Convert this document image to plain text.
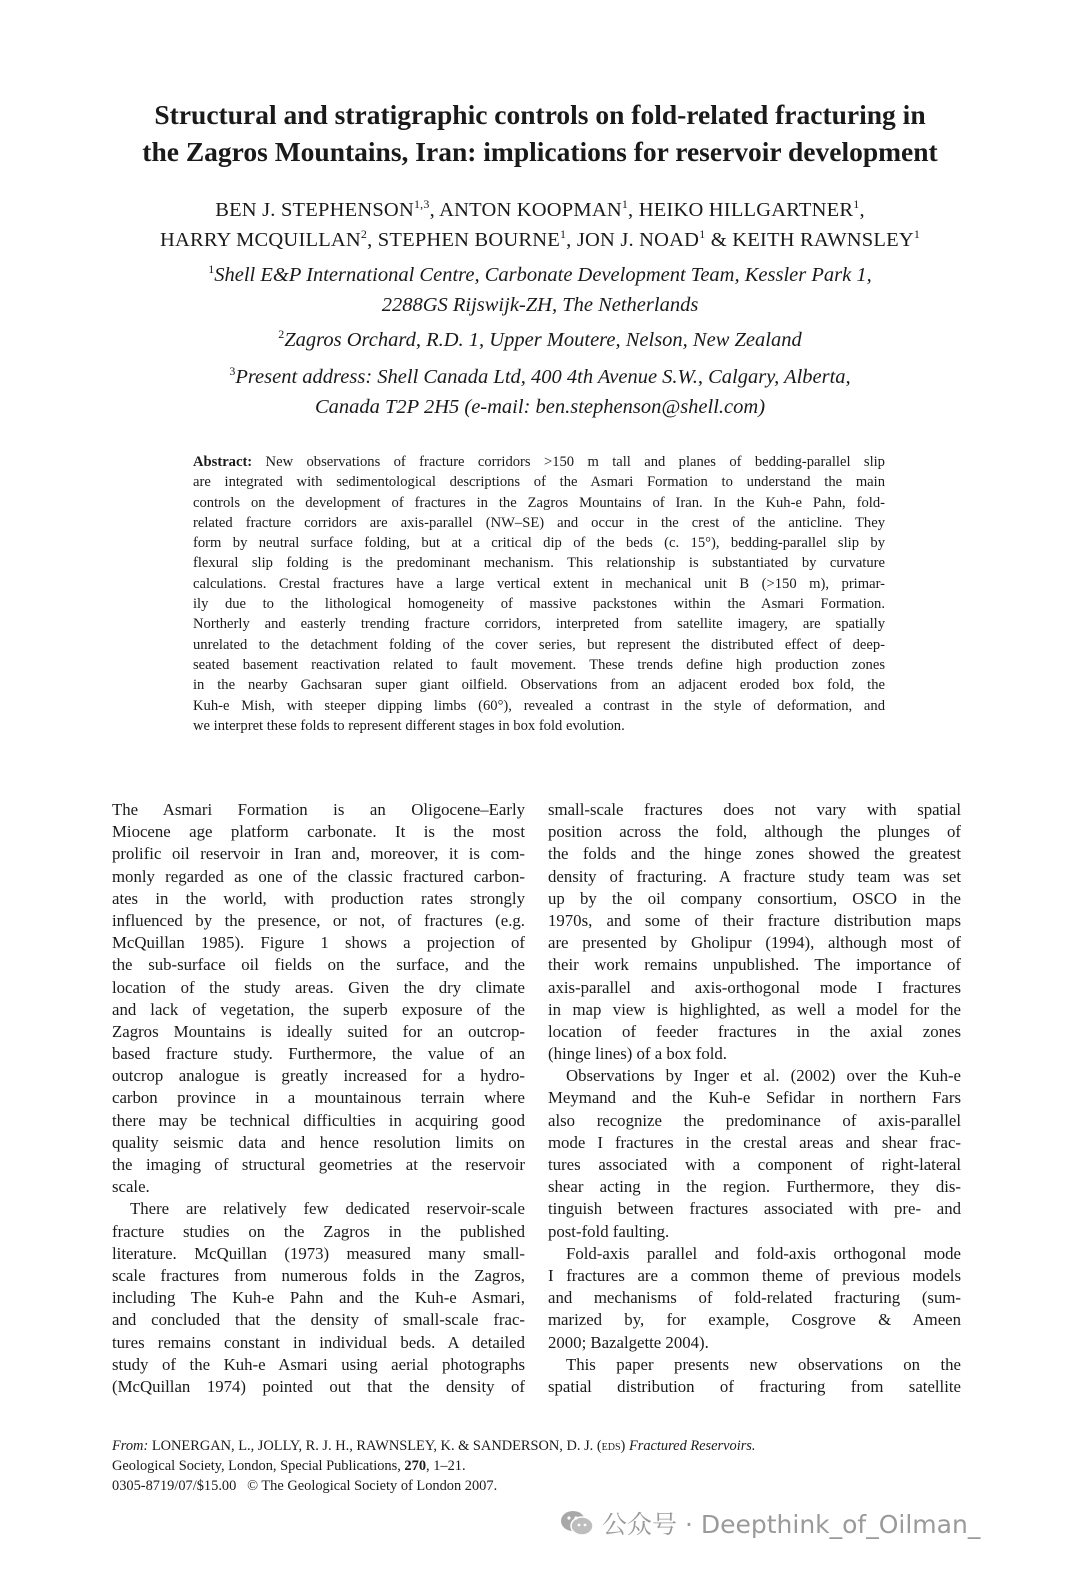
Structural and stratigraphic controls on fold-related fracturing in
the Zagros Mountains, Iran: implications for reservoir development
BEN J. STEPHENSON$^{1,3}$, ANTON KOOPMAN$^1$, HEIKO HILLGARTNER$^1$,
HARRY MCQUILLAN$^2$, STEPHEN BOURNE$^1$, JON J. NOAD$^1$ & KEITH RAWNSLEY$^1$
$^1$Shell E&P International Centre, Carbonate Development Team, Kessler Park 1,
2288GS Rijswijk-ZH, The Netherlands
$^2$Zagros Orchard, R.D. 1, Upper Moutere, Nelson, New Zealand
$^3$Present address: Shell Canada Ltd, 400 4th Avenue S.W., Calgary, Alberta,
Canada T2P 2H5 (e-mail: ben.stephenson@shell.com)
Abstract: New observations of fracture corridors >150 m tall and planes of bedding-parallel slip
are integrated with sedimentological descriptions of the Asmari Formation to understand the main
controls on the development of fractures in the Zagros Mountains of Iran. In the Kuh-e Pahn, fold-
related fracture corridors are axis-parallel (NW–SE) and occur in the crest of the anticline. They
form by neutral surface folding, but at a critical dip of the beds (c. 15°), bedding-parallel slip by
flexural slip folding is the predominant mechanism. This relationship is substantiated by curvature
calculations. Crestal fractures have a large vertical extent in mechanical unit B (>150 m), primar-
ily due to the lithological homogeneity of massive packstones within the Asmari Formation.
Northerly and easterly trending fracture corridors, interpreted from satellite imagery, are spatially
unrelated to the detachment folding of the cover series, but represent the distributed effect of deep-
seated basement reactivation related to fault movement. These trends define high production zones
in the nearby Gachsaran super giant oilfield. Observations from an adjacent eroded box fold, the
Kuh-e Mish, with steeper dipping limbs (60°), revealed a contrast in the style of deformation, and
we interpret these folds to represent different stages in box fold evolution.
The Asmari Formation is an Oligocene–Early
Miocene age platform carbonate. It is the most
prolific oil reservoir in Iran and, moreover, it is com-
monly regarded as one of the classic fractured carbon-
ates in the world, with production rates strongly
influenced by the presence, or not, of fractures (e.g.
McQuillan 1985). Figure 1 shows a projection of
the sub-surface oil fields on the surface, and the
location of the study areas. Given the dry climate
and lack of vegetation, the superb exposure of the
Zagros Mountains is ideally suited for an outcrop-
based fracture study. Furthermore, the value of an
outcrop analogue is greatly increased for a hydro-
carbon province in a mountainous terrain where
there may be technical difficulties in acquiring good
quality seismic data and hence resolution limits on
the imaging of structural geometries at the reservoir
scale.
There are relatively few dedicated reservoir-scale
fracture studies on the Zagros in the published
literature. McQuillan (1973) measured many small-
scale fractures from numerous folds in the Zagros,
including The Kuh-e Pahn and the Kuh-e Asmari,
and concluded that the density of small-scale frac-
tures remains constant in individual beds. A detailed
study of the Kuh-e Asmari using aerial photographs
(McQuillan 1974) pointed out that the density of
small-scale fractures does not vary with spatial
position across the fold, although the plunges of
the folds and the hinge zones showed the greatest
density of fracturing. A fracture study team was set
up by the oil company consortium, OSCO in the
1970s, and some of their fracture distribution maps
are presented by Gholipur (1994), although most of
their work remains unpublished. The importance of
axis-parallel and axis-orthogonal mode I fractures
in map view is highlighted, as well a model for the
location of feeder fractures in the axial zones
(hinge lines) of a box fold.
Observations by Inger et al. (2002) over the Kuh-e
Meymand and the Kuh-e Sefidar in northern Fars
also recognize the predominance of axis-parallel
mode I fractures in the crestal areas and shear frac-
tures associated with a component of right-lateral
shear acting in the region. Furthermore, they dis-
tinguish between fractures associated with pre- and
post-fold faulting.
Fold-axis parallel and fold-axis orthogonal mode
I fractures are a common theme of previous models
and mechanisms of fold-related fracturing (sum-
marized by, for example, Cosgrove & Ameen
2000; Bazalgette 2004).
This paper presents new observations on the
spatial distribution of fracturing from satellite
From: LONERGAN, L., JOLLY, R. J. H., RAWNSLEY, K. & SANDERSON, D. J. (eds) Fractured Reservoirs.
Geological Society, London, Special Publications, 270, 1–21.
0305-8719/07/$15.00   © The Geological Society of London 2007.
公众号 · Deepthink_of_Oilman_
